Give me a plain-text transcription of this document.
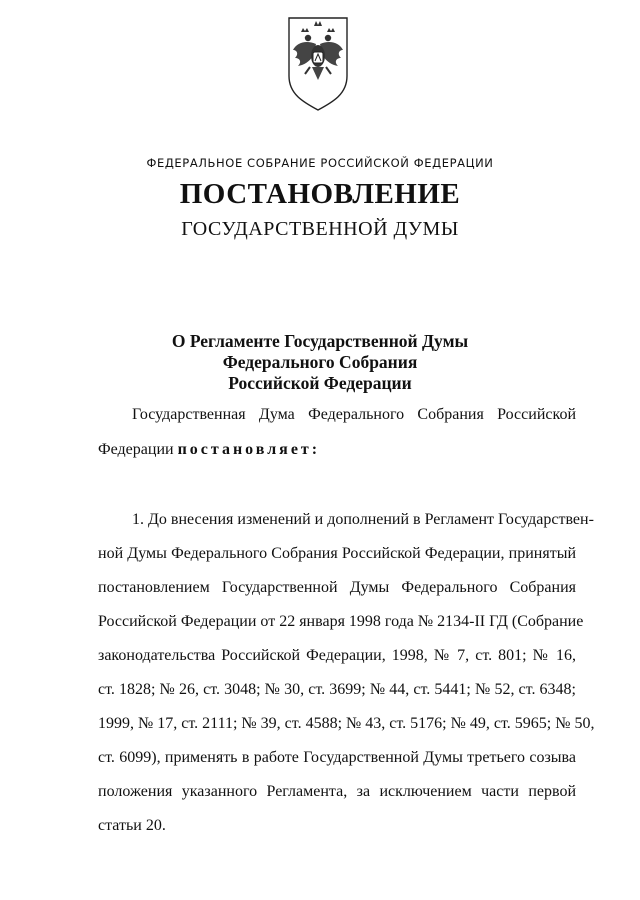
ФЕДЕРАЛЬНОЕ СОБРАНИЕ РОССИЙСКОЙ ФЕДЕРАЦИИ
ПОСТАНОВЛЕНИЕ
ГОСУДАРСТВЕННОЙ ДУМЫ
О Регламенте Государственной Думы
Федерального Собрания
Российской Федерации
Государственная Дума Федерального Собрания Российской
Федерации постановляет:
1. До внесения изменений и дополнений в Регламент Государствен-
ной Думы Федерального Собрания Российской Федерации, принятый
постановлением Государственной Думы Федерального Собрания
Российской Федерации от 22 января 1998 года № 2134-II ГД (Собрание
законодательства Российской Федерации, 1998, № 7, ст. 801; № 16,
ст. 1828; № 26, ст. 3048; № 30, ст. 3699; № 44, ст. 5441; № 52, ст. 6348;
1999, № 17, ст. 2111; № 39, ст. 4588; № 43, ст. 5176; № 49, ст. 5965; № 50,
ст. 6099), применять в работе Государственной Думы третьего созыва
положения указанного Регламента, за исключением части первой
статьи 20.
